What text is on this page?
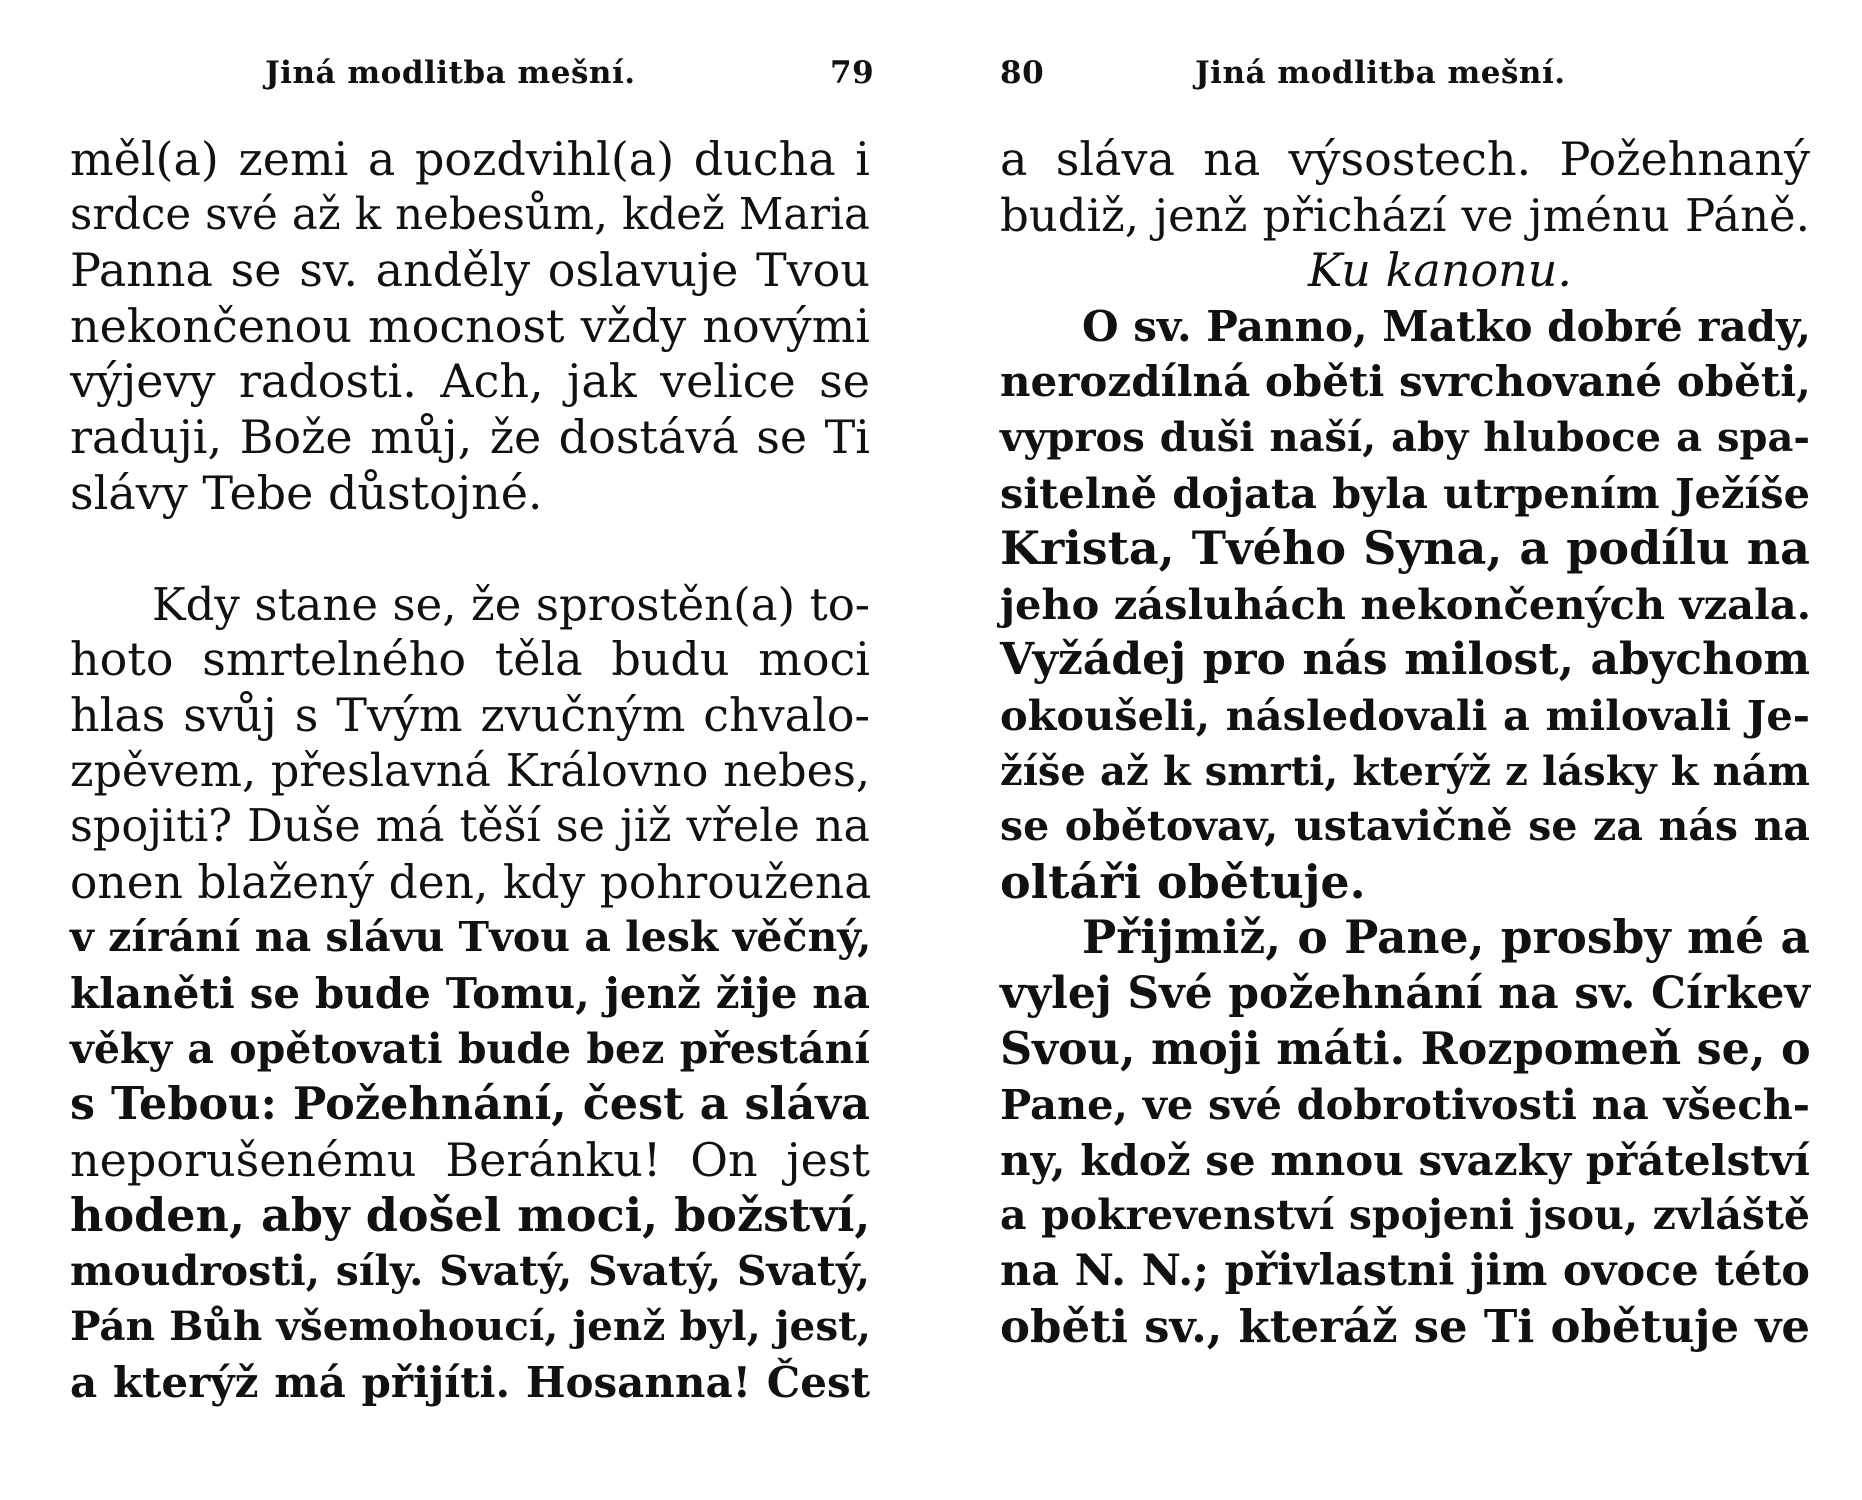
Jiná modlitba mešní.	79
měl(a) zemi a pozdvihl(a) ducha i
srdce své až k nebesům, kdež Maria
Panna se sv. anděly oslavuje Tvou
nekončenou mocnost vždy novými
výjevy radosti. Ach, jak velice se
raduji, Bože můj, že dostává se Ti
slávy Tebe důstojné.
Kdy stane se, že sprostěn(a) to-
hoto smrtelného těla budu moci
hlas svůj s Tvým zvučným chvalo-
zpěvem, přeslavná Královno nebes,
spojiti? Duše má těší se již vřele na
onen blažený den, kdy pohroužena
v zírání na slávu Tvou a lesk věčný,
klaněti se bude Tomu, jenž žije na
věky a opětovati bude bez přestání
s Tebou: Požehnání, čest a sláva
neporušenému Beránku! On jest
hoden, aby došel moci, božství,
moudrosti, síly. Svatý, Svatý, Svatý,
Pán Bůh všemohoucí, jenž byl, jest,
a kterýž má přijíti. Hosanna! Čest
80	Jiná modlitba mešní.
a sláva na výsostech. Požehnaný
budiž, jenž přichází ve jménu Páně.
Ku kanonu.
O sv. Panno, Matko dobré rady,
nerozdílná oběti svrchované oběti,
vypros duši naší, aby hluboce a spa-
sitelně dojata byla utrpením Ježíše
Krista, Tvého Syna, a podílu na
jeho zásluhách nekončených vzala.
Vyžádej pro nás milost, abychom
okoušeli, následovali a milovali Je-
žíše až k smrti, kterýž z lásky k nám
se obětovav, ustavičně se za nás na
oltáři obětuje.
Přijmiž, o Pane, prosby mé a
vylej Své požehnání na sv. Církev
Svou, moji máti. Rozpomeň se, o
Pane, ve své dobrotivosti na všech-
ny, kdož se mnou svazky přátelství
a pokrevenství spojeni jsou, zvláště
na N. N.; přivlastni jim ovoce této
oběti sv., kteráž se Ti obětuje ve
